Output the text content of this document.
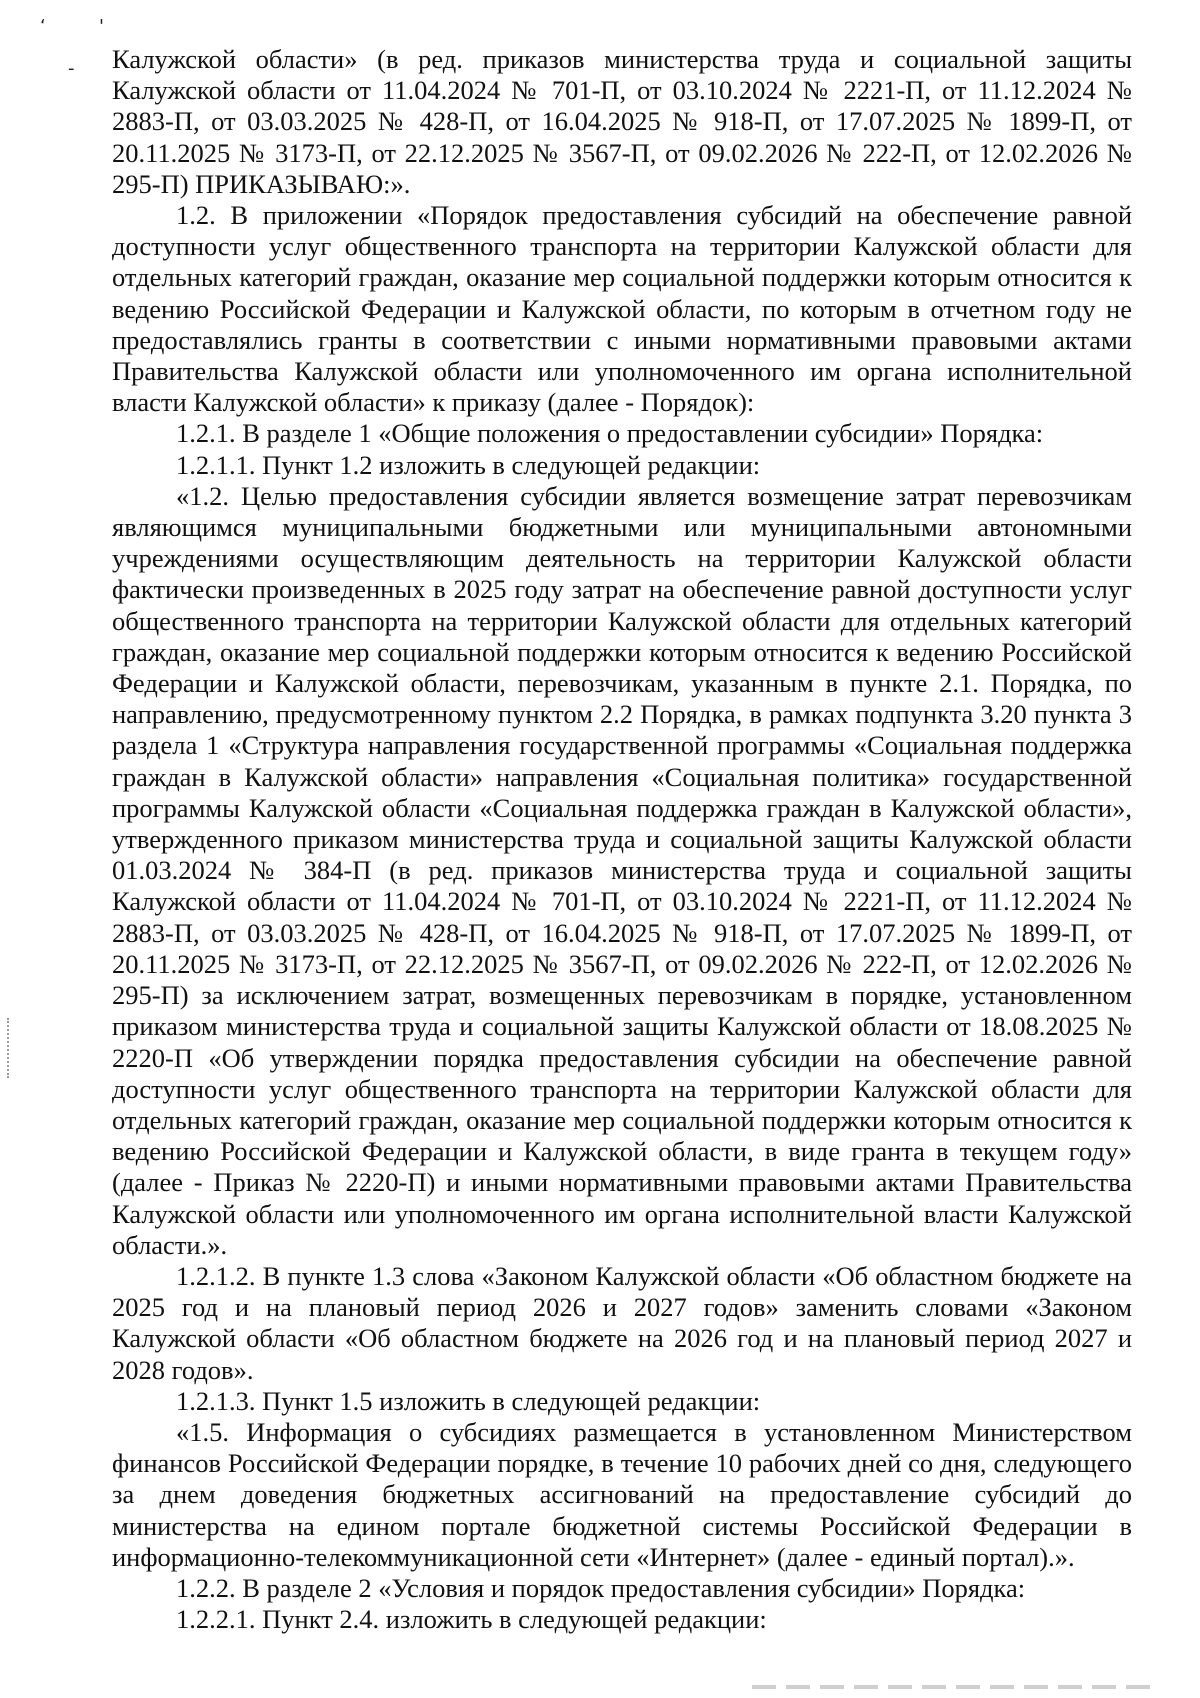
‘	'
- Калужской области» (в ред. приказов министерства труда и социальной защиты Калужской области от 11.04.2024 № 701-П, от 03.10.2024 № 2221-П, от 11.12.2024 № 2883-П, от 03.03.2025 № 428-П, от 16.04.2025 № 918-П, от 17.07.2025 № 1899-П, от 20.11.2025 № 3173-П, от 22.12.2025 № 3567-П, от 09.02.2026 № 222-П, от 12.02.2026 № 295-П) ПРИКАЗЫВАЮ:».

1.2. В приложении «Порядок предоставления субсидий на обеспечение равной доступности услуг общественного транспорта на территории Калужской области для отдельных категорий граждан, оказание мер социальной поддержки которым относится к ведению Российской Федерации и Калужской области, по которым в отчетном году не предоставлялись гранты в соответствии с иными нормативными правовыми актами Правительства Калужской области или уполномоченного им органа исполнительной власти Калужской области» к приказу (далее - Порядок):

1.2.1. В разделе 1 «Общие положения о предоставлении субсидии» Порядка:

1.2.1.1. Пункт 1.2 изложить в следующей редакции:

«1.2. Целью предоставления субсидии является возмещение затрат перевозчикам являющимся муниципальными бюджетными или муниципальными автономными учреждениями осуществляющим деятельность на территории Калужской области фактически произведенных в 2025 году затрат на обеспечение равной доступности услуг общественного транспорта на территории Калужской области для отдельных категорий граждан, оказание мер социальной поддержки которым относится к ведению Российской Федерации и Калужской области, перевозчикам, указанным в пункте 2.1. Порядка, по направлению, предусмотренному пунктом 2.2 Порядка, в рамках подпункта 3.20 пункта 3 раздела 1 «Структура направления государственной программы «Социальная поддержка граждан в Калужской области» направления «Социальная политика» государственной программы Калужской области «Социальная поддержка граждан в Калужской области», утвержденного приказом министерства труда и социальной защиты Калужской области 01.03.2024 № 384-П (в ред. приказов министерства труда и социальной защиты Калужской области от 11.04.2024 № 701-П, от 03.10.2024 № 2221-П, от 11.12.2024 № 2883-П, от 03.03.2025 № 428-П, от 16.04.2025 № 918-П, от 17.07.2025 № 1899-П, от 20.11.2025 № 3173-П, от 22.12.2025 № 3567-П, от 09.02.2026 № 222-П, от 12.02.2026 № 295-П) за исключением затрат, возмещенных перевозчикам в порядке, установленном приказом министерства труда и социальной защиты Калужской области от 18.08.2025 № 2220-П «Об утверждении порядка предоставления субсидии на обеспечение равной доступности услуг общественного транспорта на территории Калужской области для отдельных категорий граждан, оказание мер социальной поддержки которым относится к ведению Российской Федерации и Калужской области, в виде гранта в текущем году» (далее - Приказ № 2220-П) и иными нормативными правовыми актами Правительства Калужской области или уполномоченного им органа исполнительной власти Калужской области.».

1.2.1.2. В пункте 1.3 слова «Законом Калужской области «Об областном бюджете на 2025 год и на плановый период 2026 и 2027 годов» заменить словами «Законом Калужской области «Об областном бюджете на 2026 год и на плановый период 2027 и 2028 годов».

1.2.1.3. Пункт 1.5 изложить в следующей редакции:

«1.5. Информация о субсидиях размещается в установленном Министерством финансов Российской Федерации порядке, в течение 10 рабочих дней со дня, следующего за днем доведения бюджетных ассигнований на предоставление субсидий до министерства на едином портале бюджетной системы Российской Федерации в информационно-телекоммуникационной сети «Интернет» (далее - единый портал).».

1.2.2. В разделе 2 «Условия и порядок предоставления субсидии» Порядка:

1.2.2.1. Пункт 2.4. изложить в следующей редакции:
